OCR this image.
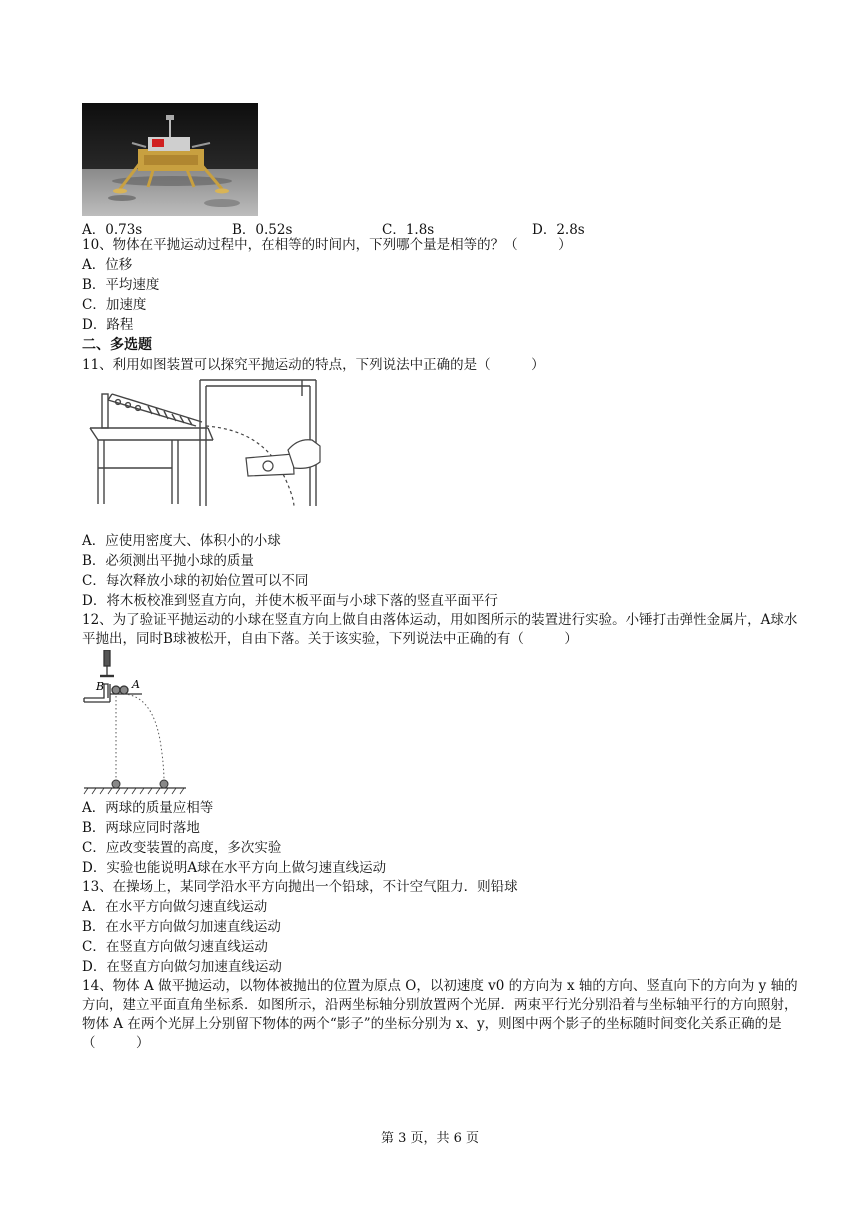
A．0.73s	B．0.52s	C．1.8s	D．2.8s
10、物体在平抛运动过程中，在相等的时间内，下列哪个量是相等的？（　　　）
A．位移
B．平均速度
C．加速度
D．路程
二、多选题
11、利用如图装置可以探究平抛运动的特点，下列说法中正确的是（　　　）
A．应使用密度大、体积小的小球
B．必须测出平抛小球的质量
C．每次释放小球的初始位置可以不同
D．将木板校准到竖直方向，并使木板平面与小球下落的竖直平面平行
12、为了验证平抛运动的小球在竖直方向上做自由落体运动，用如图所示的装置进行实验。小锤打击弹性金属片，A球水平抛出，同时B球被松开，自由下落。关于该实验，下列说法中正确的有（　　　）
B	A
A．两球的质量应相等
B．两球应同时落地
C．应改变装置的高度，多次实验
D．实验也能说明A球在水平方向上做匀速直线运动
13、在操场上，某同学沿水平方向抛出一个铅球，不计空气阻力．则铅球
A．在水平方向做匀速直线运动
B．在水平方向做匀加速直线运动
C．在竖直方向做匀速直线运动
D．在竖直方向做匀加速直线运动
14、物体 A 做平抛运动，以物体被抛出的位置为原点 O，以初速度 v0 的方向为 x 轴的方向、竖直向下的方向为 y 轴的方向，建立平面直角坐标系．如图所示，沿两坐标轴分别放置两个光屏．两束平行光分别沿着与坐标轴平行的方向照射，物体 A 在两个光屏上分别留下物体的两个“影子”的坐标分别为 x、y，则图中两个影子的坐标随时间变化关系正确的是（　　　）
第 3 页，共 6 页
